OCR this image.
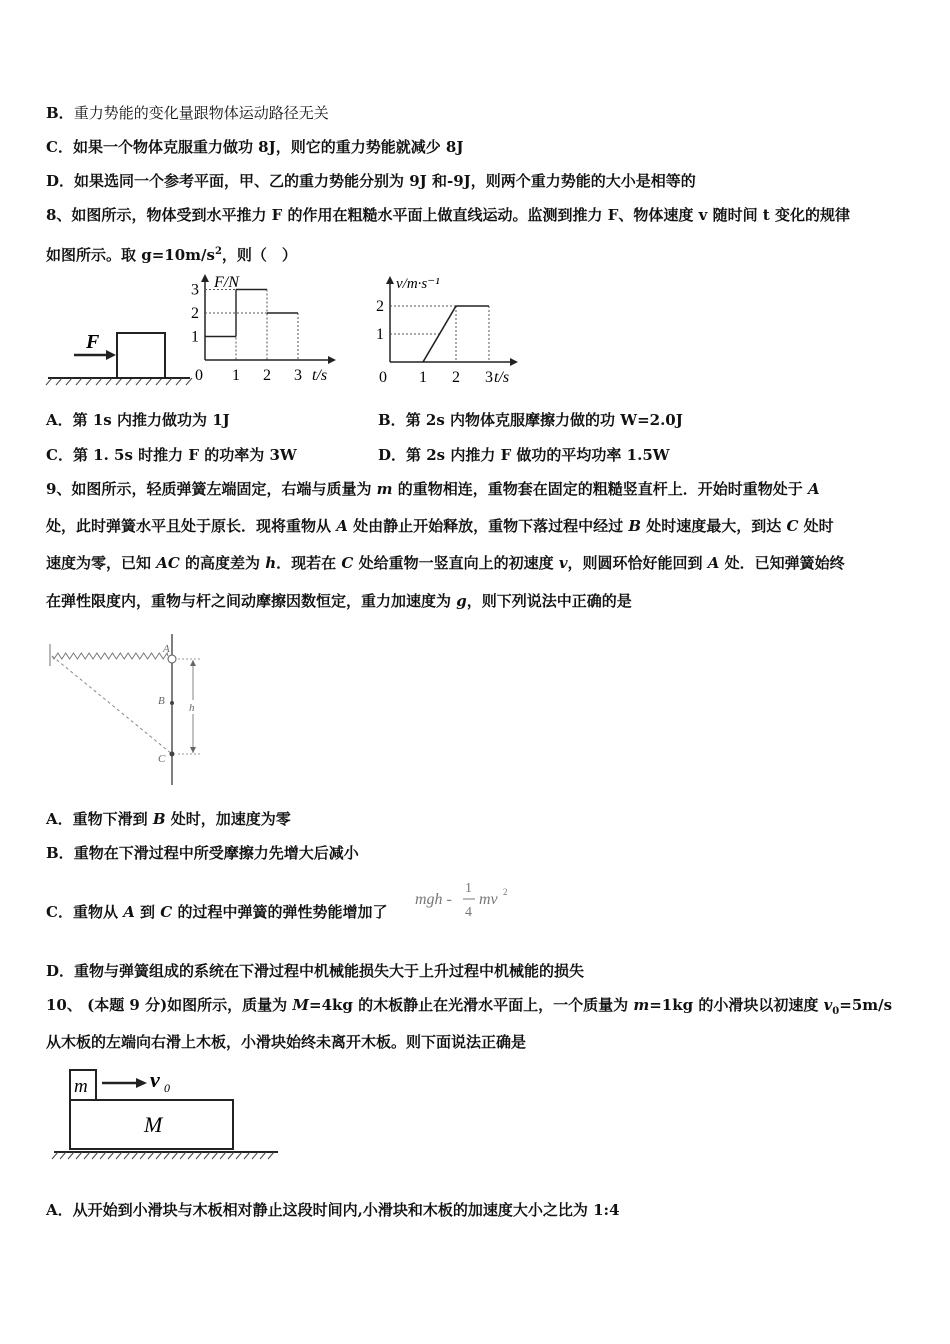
B．重力势能的变化量跟物体运动路径无关
C．如果一个物体克服重力做功 8J，则它的重力势能就减少 8J
D．如果选同一个参考平面，甲、乙的重力势能分别为 9J 和-9J，则两个重力势能的大小是相等的
8、如图所示，物体受到水平推力 F 的作用在粗糙水平面上做直线运动。监测到推力 F、物体速度 v 随时间 t 变化的规律
如图所示。取 $g=10m/s^2$，则（　）
F
1 2 3
1
2
3 F/N
t/s
0	1 2 3
1
2
v/m·s⁻¹
t/s
0
A．第 1s 内推力做功为 1J	B．第 2s 内物体克服摩擦力做的功 W=2.0J
C．第 1. 5s 时推力 F 的功率为 3W	D．第 2s 内推力 F 做功的平均功率 1.5W
9、如图所示，轻质弹簧左端固定，右端与质量为 m 的重物相连，重物套在固定的粗糙竖直杆上．开始时重物处于 A
处，此时弹簧水平且处于原长．现将重物从 A 处由静止开始释放，重物下落过程中经过 B 处时速度最大，到达 C 处时
速度为零，已知 AC 的高度差为 h．现若在 C 处给重物一竖直向上的初速度 v，则圆环恰好能回到 A 处．已知弹簧始终
在弹性限度内，重物与杆之间动摩擦因数恒定，重力加速度为 g，则下列说法中正确的是
A
B
C
h
A．重物下滑到 B 处时，加速度为零
B．重物在下滑过程中所受摩擦力先增大后减小
C．重物从 A 到 C 的过程中弹簧的弹性势能增加了
mgh -
1
4
mv 2
D．重物与弹簧组成的系统在下滑过程中机械能损失大于上升过程中机械能的损失
10、 (本题 9 分)如图所示，质量为 M=4kg 的木板静止在光滑水平面上，一个质量为 m=1kg 的小滑块以初速度 $v_0=5m/s$
从木板的左端向右滑上木板，小滑块始终未离开木板。则下面说法正确是
m	v 0
M
A．从开始到小滑块与木板相对静止这段时间内,小滑块和木板的加速度大小之比为 1:4
